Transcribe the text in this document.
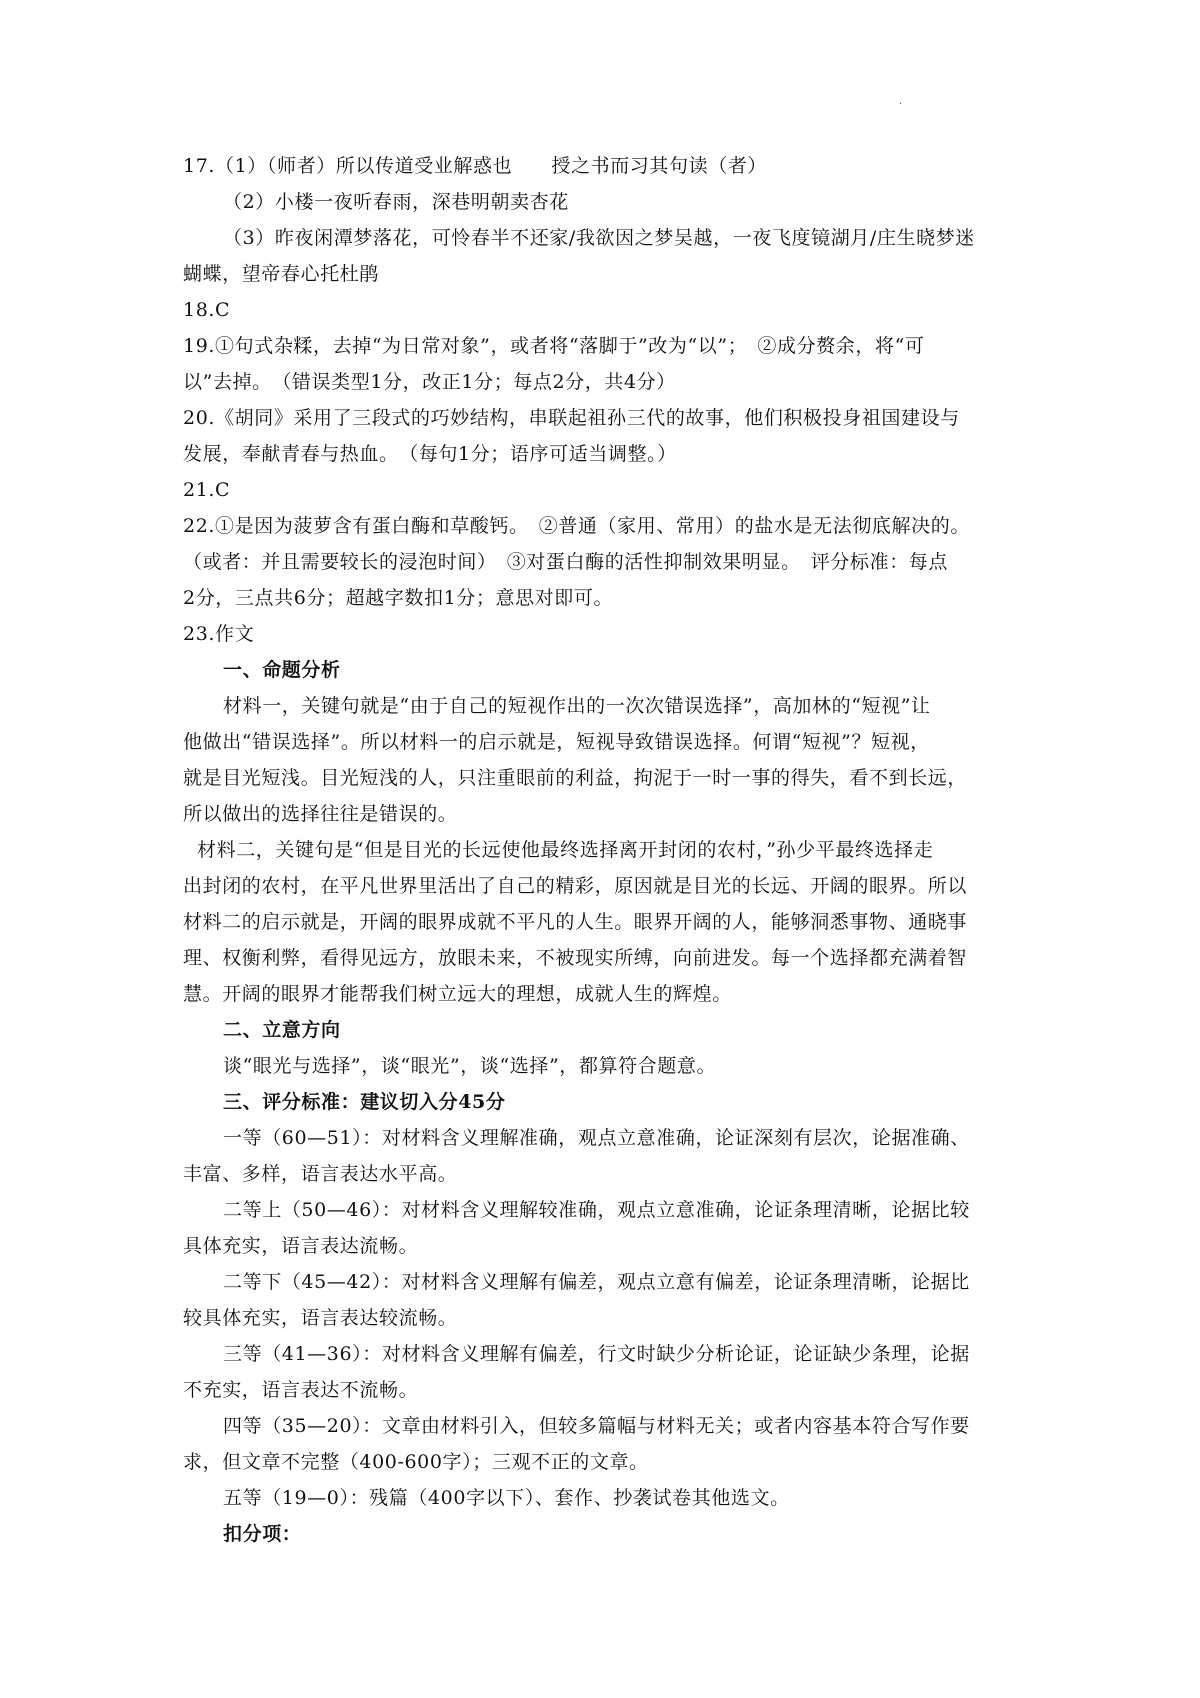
.
17.（1）（师者）所以传道受业解惑也　　授之书而习其句读（者）
（2）小楼一夜听春雨，深巷明朝卖杏花
（3）昨夜闲潭梦落花，可怜春半不还家/我欲因之梦吴越，一夜飞度镜湖月/庄生晓梦迷
蝴蝶，望帝春心托杜鹃
18.C
19.①句式杂糅，去掉“为日常对象”，或者将“落脚于”改为“以”；　②成分赘余，将“可
以”去掉。　（错误类型1分，改正1分；每点2分，共4分）
20.《胡同》采用了三段式的巧妙结构，串联起祖孙三代的故事，他们积极投身祖国建设与
发展，奉献青春与热血。　（每句1分；语序可适当调整。）
21.C
22.①是因为菠萝含有蛋白酶和草酸钙。　②普通（家用、常用）的盐水是无法彻底解决的。
（或者：并且需要较长的浸泡时间）　③对蛋白酶的活性抑制效果明显。　评分标准：每点
2分，三点共6分；超越字数扣1分；意思对即可。
23.作文
一、命题分析
材料一，关键句就是“由于自己的短视作出的一次次错误选择”，高加林的“短视”让
他做出“错误选择”。所以材料一的启示就是，短视导致错误选择。何谓“短视”？短视，
就是目光短浅。目光短浅的人，只注重眼前的利益，拘泥于一时一事的得失，看不到长远，
所以做出的选择往往是错误的。
材料二，关键句是“但是目光的长远使他最终选择离开封闭的农村，”孙少平最终选择走
出封闭的农村，在平凡世界里活出了自己的精彩，原因就是目光的长远、开阔的眼界。所以
材料二的启示就是，开阔的眼界成就不平凡的人生。眼界开阔的人，能够洞悉事物、通晓事
理、权衡利弊，看得见远方，放眼未来，不被现实所缚，向前进发。每一个选择都充满着智
慧。开阔的眼界才能帮我们树立远大的理想，成就人生的辉煌。
二、立意方向
谈“眼光与选择”，谈“眼光”，谈“选择”，都算符合题意。
三、评分标准：建议切入分45分
一等（60—51）：对材料含义理解准确，观点立意准确，论证深刻有层次，论据准确、
丰富、多样，语言表达水平高。
二等上（50—46）：对材料含义理解较准确，观点立意准确，论证条理清晰，论据比较
具体充实，语言表达流畅。
二等下（45—42）：对材料含义理解有偏差，观点立意有偏差，论证条理清晰，论据比
较具体充实，语言表达较流畅。
三等（41—36）：对材料含义理解有偏差，行文时缺少分析论证，论证缺少条理，论据
不充实，语言表达不流畅。
四等（35—20）：文章由材料引入，但较多篇幅与材料无关；或者内容基本符合写作要
求，但文章不完整（400-600字）；三观不正的文章。
五等（19—0）：残篇（400字以下）、套作、抄袭试卷其他选文。
扣分项：
